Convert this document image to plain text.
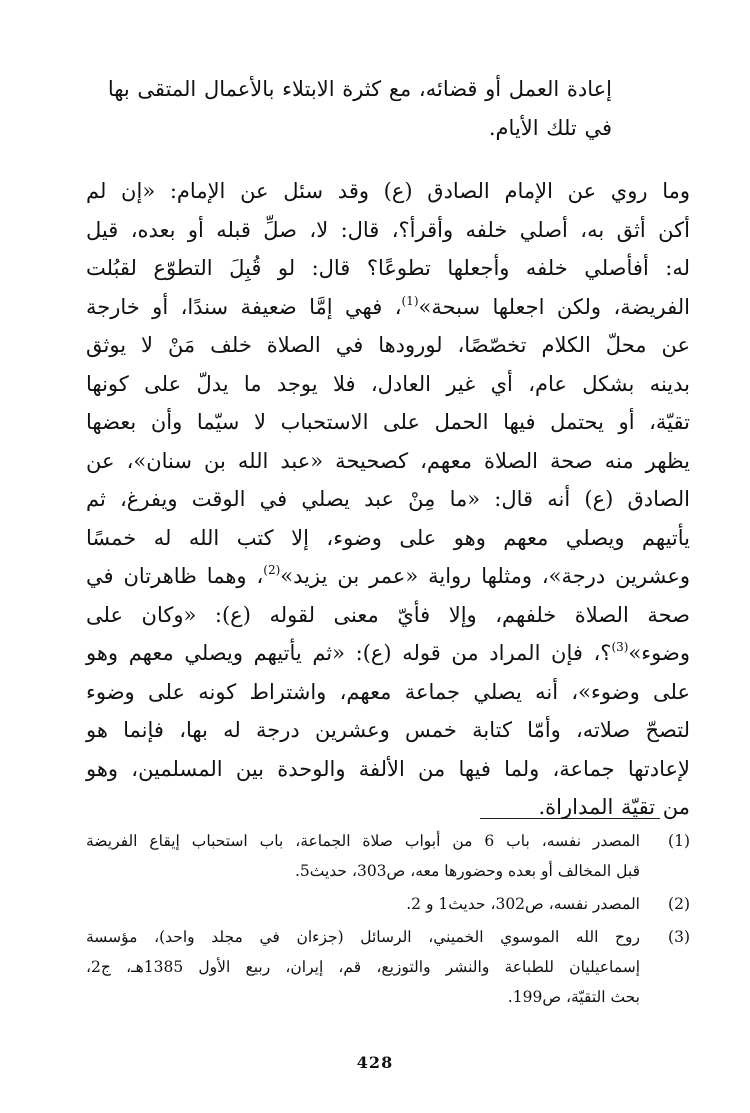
إعادة العمل أو قضائه، مع كثرة الابتلاء بالأعمال المتقى بها
في تلك الأيام.
وما روي عن الإمام الصادق (ع) وقد سئل عن الإمام: «إن لم
أكن أثق به، أصلي خلفه وأقرأ؟، قال: لا، صلِّ قبله أو بعده، قيل
له: أفأصلي خلفه وأجعلها تطوعًا؟ قال: لو قُبِلَ التطوّع لقبُلت
الفريضة، ولكن اجعلها سبحة»$^{(1)}$، فهي إمَّا ضعيفة سندًا، أو خارجة
عن محلّ الكلام تخصّصًا، لورودها في الصلاة خلف مَنْ لا يوثق
بدينه بشكل عام، أي غير العادل، فلا يوجد ما يدلّ على كونها
تقيّة، أو يحتمل فيها الحمل على الاستحباب لا سيّما وأن بعضها
يظهر منه صحة الصلاة معهم، كصحيحة «عبد الله بن سنان»، عن
الصادق (ع) أنه قال: «ما مِنْ عبد يصلي في الوقت ويفرغ، ثم
يأتيهم ويصلي معهم وهو على وضوء، إلا كتب الله له خمسًا
وعشرين درجة»، ومثلها رواية «عمر بن يزيد»$^{(2)}$، وهما ظاهرتان في
صحة الصلاة خلفهم، وإلا فأيّ معنى لقوله (ع): «وكان على
وضوء»$^{(3)}$؟، فإن المراد من قوله (ع): «ثم يأتيهم ويصلي معهم وهو
على وضوء»، أنه يصلي جماعة معهم، واشتراط كونه على وضوء
لتصحّ صلاته، وأمّا كتابة خمس وعشرين درجة له بها، فإنما هو
لإعادتها جماعة، ولما فيها من الألفة والوحدة بين المسلمين، وهو
من تقيّة المداراة.
(1)
المصدر نفسه، باب 6 من أبواب صلاة الجماعة، باب استحباب إيقاع الفريضة
قبل المخالف أو بعده وحضورها معه، ص303، حديث5.
(2)
المصدر نفسه، ص302، حديث1 و 2.
(3)
روح الله الموسوي الخميني، الرسائل (جزءان في مجلد واحد)، مؤسسة
إسماعيليان للطباعة والنشر والتوزيع، قم، إيران، ربيع الأول 1385هـ، ج2،
بحث التقيّة، ص199.
428
